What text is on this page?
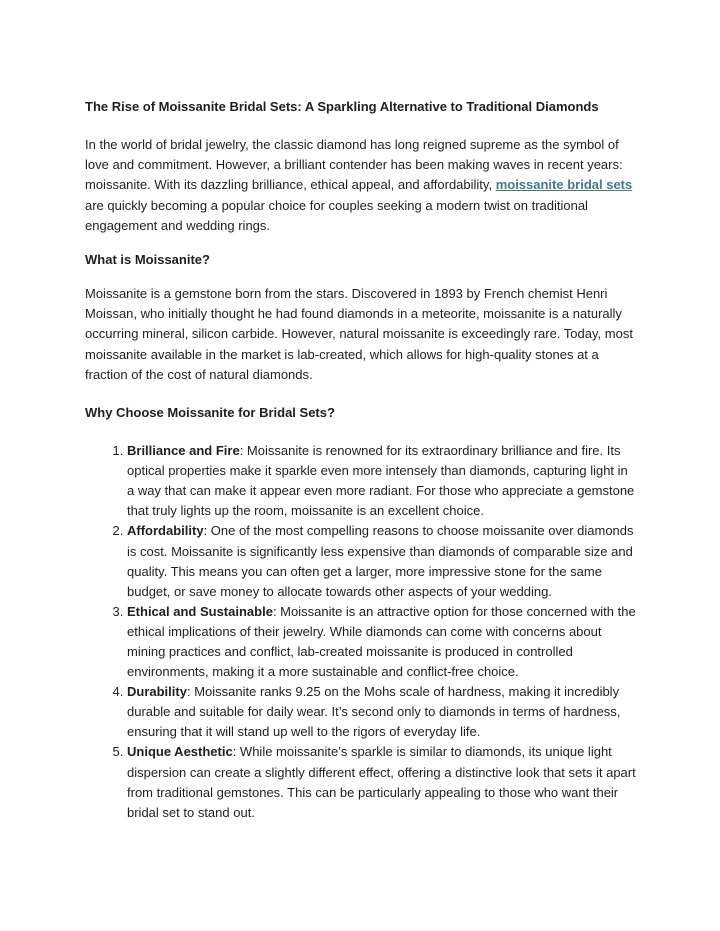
The Rise of Moissanite Bridal Sets: A Sparkling Alternative to Traditional Diamonds

In the world of bridal jewelry, the classic diamond has long reigned supreme as the symbol of love and commitment. However, a brilliant contender has been making waves in recent years: moissanite. With its dazzling brilliance, ethical appeal, and affordability, moissanite bridal sets are quickly becoming a popular choice for couples seeking a modern twist on traditional engagement and wedding rings.

What is Moissanite?

Moissanite is a gemstone born from the stars. Discovered in 1893 by French chemist Henri Moissan, who initially thought he had found diamonds in a meteorite, moissanite is a naturally occurring mineral, silicon carbide. However, natural moissanite is exceedingly rare. Today, most moissanite available in the market is lab-created, which allows for high-quality stones at a fraction of the cost of natural diamonds.

Why Choose Moissanite for Bridal Sets?
1. Brilliance and Fire: Moissanite is renowned for its extraordinary brilliance and fire. Its optical properties make it sparkle even more intensely than diamonds, capturing light in a way that can make it appear even more radiant. For those who appreciate a gemstone that truly lights up the room, moissanite is an excellent choice.
2. Affordability: One of the most compelling reasons to choose moissanite over diamonds is cost. Moissanite is significantly less expensive than diamonds of comparable size and quality. This means you can often get a larger, more impressive stone for the same budget, or save money to allocate towards other aspects of your wedding.
3. Ethical and Sustainable: Moissanite is an attractive option for those concerned with the ethical implications of their jewelry. While diamonds can come with concerns about mining practices and conflict, lab-created moissanite is produced in controlled environments, making it a more sustainable and conflict-free choice.
4. Durability: Moissanite ranks 9.25 on the Mohs scale of hardness, making it incredibly durable and suitable for daily wear. It’s second only to diamonds in terms of hardness, ensuring that it will stand up well to the rigors of everyday life.
5. Unique Aesthetic: While moissanite’s sparkle is similar to diamonds, its unique light dispersion can create a slightly different effect, offering a distinctive look that sets it apart from traditional gemstones. This can be particularly appealing to those who want their bridal set to stand out.
